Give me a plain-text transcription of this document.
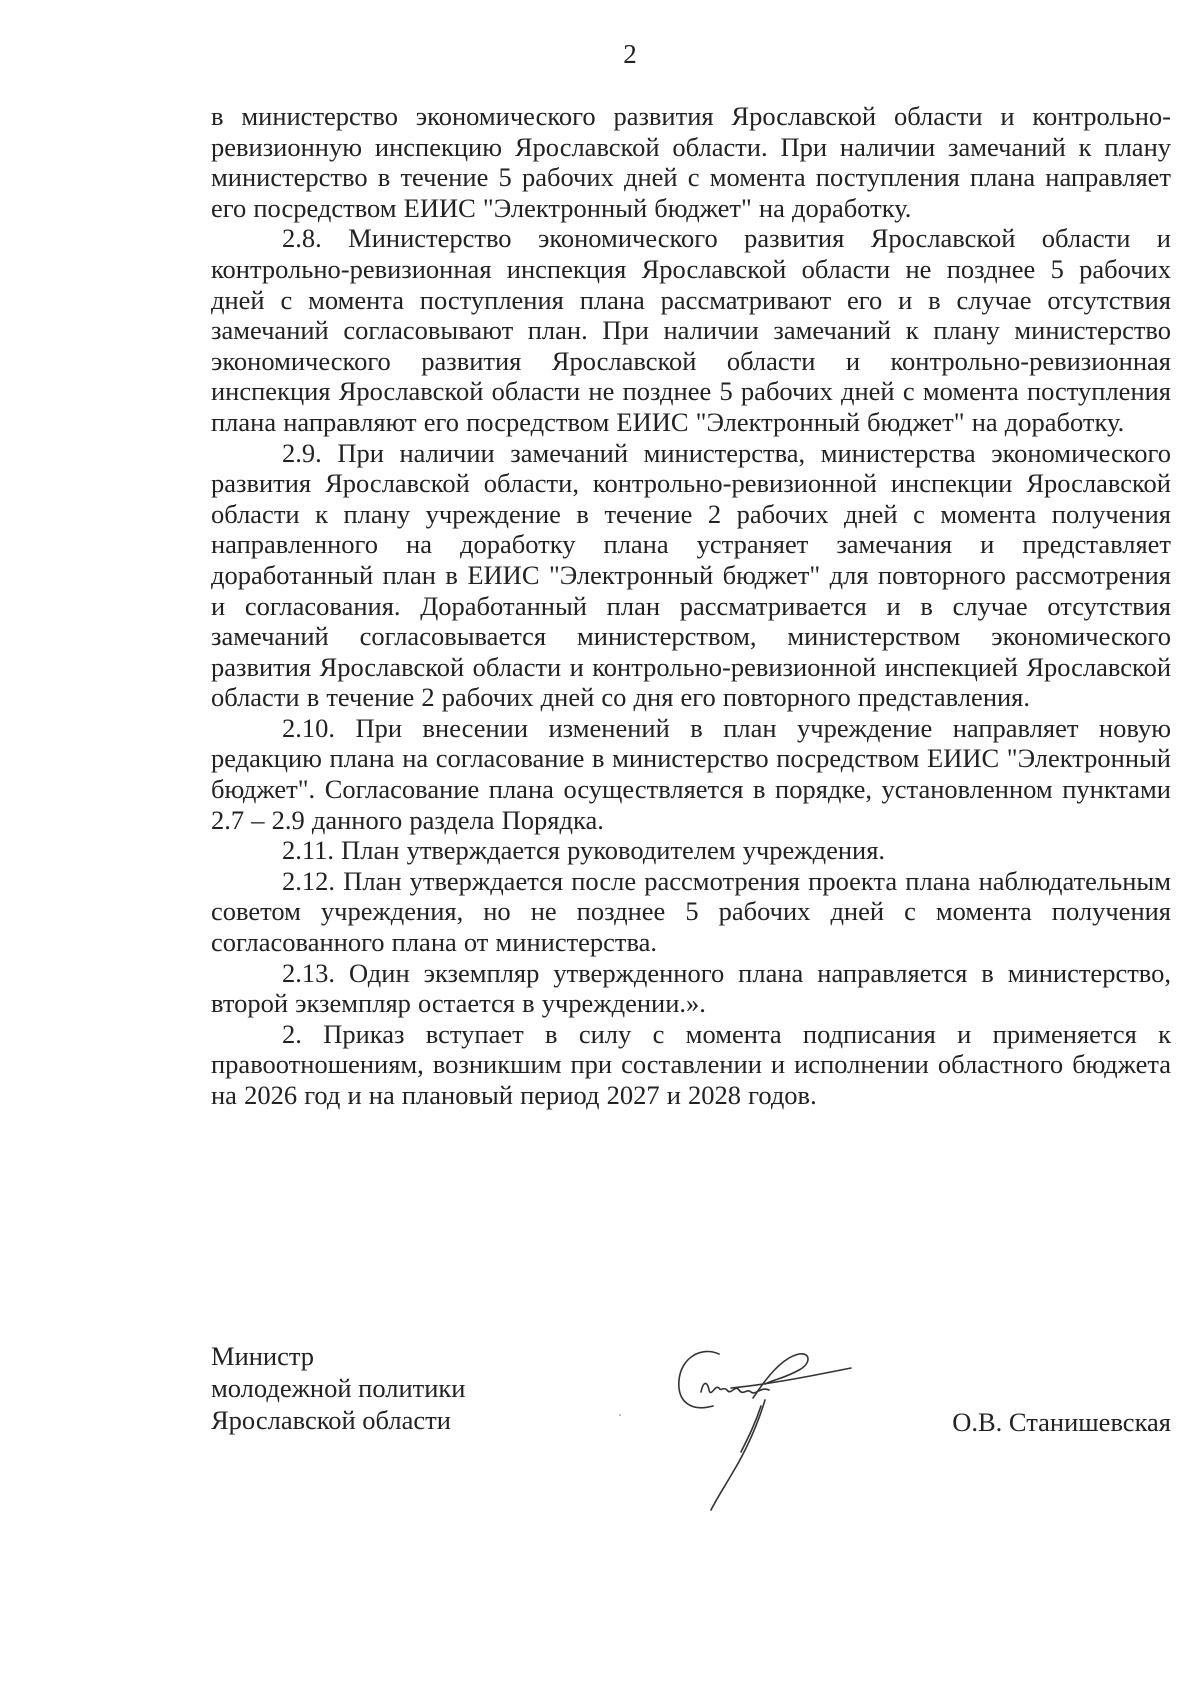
2

в министерство экономического развития Ярославской области и контрольно-ревизионную инспекцию Ярославской области. При наличии замечаний к плану министерство в течение 5 рабочих дней с момента поступления плана направляет его посредством ЕИИС "Электронный бюджет" на доработку.

2.8. Министерство экономического развития Ярославской области и контрольно-ревизионная инспекция Ярославской области не позднее 5 рабочих дней с момента поступления плана рассматривают его и в случае отсутствия замечаний согласовывают план. При наличии замечаний к плану министерство экономического развития Ярославской области и контрольно-ревизионная инспекция Ярославской области не позднее 5 рабочих дней с момента поступления плана направляют его посредством ЕИИС "Электронный бюджет" на доработку.

2.9. При наличии замечаний министерства, министерства экономического развития Ярославской области, контрольно-ревизионной инспекции Ярославской области к плану учреждение в течение 2 рабочих дней с момента получения направленного на доработку плана устраняет замечания и представляет доработанный план в ЕИИС "Электронный бюджет" для повторного рассмотрения и согласования. Доработанный план рассматривается и в случае отсутствия замечаний согласовывается министерством, министерством экономического развития Ярославской области и контрольно-ревизионной инспекцией Ярославской области в течение 2 рабочих дней со дня его повторного представления.

2.10. При внесении изменений в план учреждение направляет новую редакцию плана на согласование в министерство посредством ЕИИС "Электронный бюджет". Согласование плана осуществляется в порядке, установленном пунктами 2.7 – 2.9 данного раздела Порядка.

2.11. План утверждается руководителем учреждения.

2.12. План утверждается после рассмотрения проекта плана наблюдательным советом учреждения, но не позднее 5 рабочих дней с момента получения согласованного плана от министерства.

2.13. Один экземпляр утвержденного плана направляется в министерство, второй экземпляр остается в учреждении.».

2. Приказ вступает в силу с момента подписания и применяется к правоотношениям, возникшим при составлении и исполнении областного бюджета на 2026 год и на плановый период 2027 и 2028 годов.

Министр
молодежной политики
Ярославской области	О.В. Станишевская
